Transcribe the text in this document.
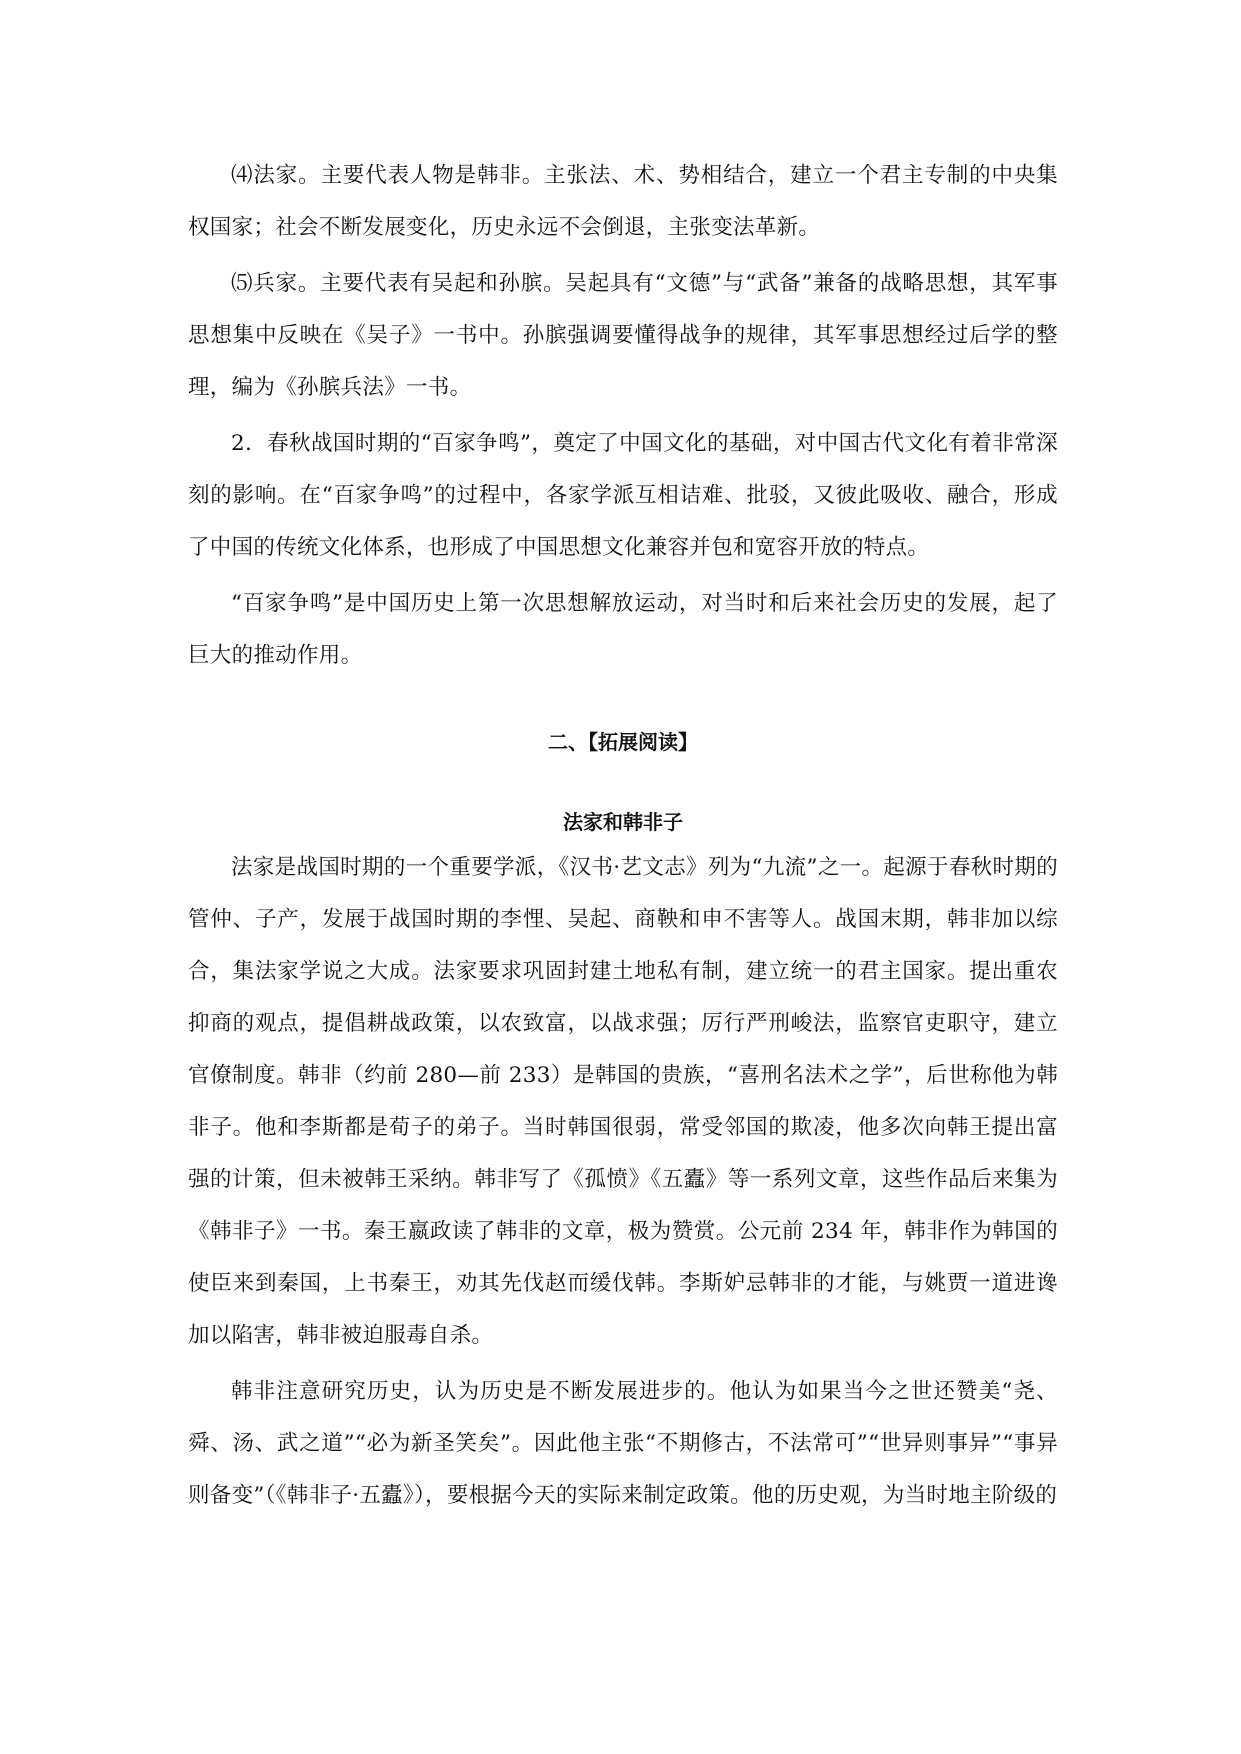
⑷法家。主要代表人物是韩非。主张法、术、势相结合，建立一个君主专制的中央集权国家；社会不断发展变化，历史永远不会倒退，主张变法革新。

⑸兵家。主要代表有吴起和孙膑。吴起具有“文德”与“武备”兼备的战略思想，其军事思想集中反映在《吴子》一书中。孙膑强调要懂得战争的规律，其军事思想经过后学的整理，编为《孙膑兵法》一书。

2．春秋战国时期的“百家争鸣”，奠定了中国文化的基础，对中国古代文化有着非常深刻的影响。在“百家争鸣”的过程中，各家学派互相诘难、批驳，又彼此吸收、融合，形成了中国的传统文化体系，也形成了中国思想文化兼容并包和宽容开放的特点。

“百家争鸣”是中国历史上第一次思想解放运动，对当时和后来社会历史的发展，起了巨大的推动作用。

二、【拓展阅读】
法家和韩非子

法家是战国时期的一个重要学派，《汉书·艺文志》列为“九流”之一。起源于春秋时期的管仲、子产，发展于战国时期的李悝、吴起、商鞅和申不害等人。战国末期，韩非加以综合，集法家学说之大成。法家要求巩固封建土地私有制，建立统一的君主国家。提出重农抑商的观点，提倡耕战政策，以农致富，以战求强；厉行严刑峻法，监察官吏职守，建立官僚制度。韩非（约前 280—前 233）是韩国的贵族，“喜刑名法术之学”，后世称他为韩非子。他和李斯都是荀子的弟子。当时韩国很弱，常受邻国的欺凌，他多次向韩王提出富强的计策，但未被韩王采纳。韩非写了《孤愤》《五蠹》等一系列文章，这些作品后来集为《韩非子》一书。秦王嬴政读了韩非的文章，极为赞赏。公元前 234 年，韩非作为韩国的使臣来到秦国，上书秦王，劝其先伐赵而缓伐韩。李斯妒忌韩非的才能，与姚贾一道进谗加以陷害，韩非被迫服毒自杀。

韩非注意研究历史，认为历史是不断发展进步的。他认为如果当今之世还赞美“尧、舜、汤、武之道”“必为新圣笑矣”。因此他主张“不期修古，不法常可”“世异则事异”“事异则备变”（《韩非子·五蠹》），要根据今天的实际来制定政策。他的历史观，为当时地主阶级的
